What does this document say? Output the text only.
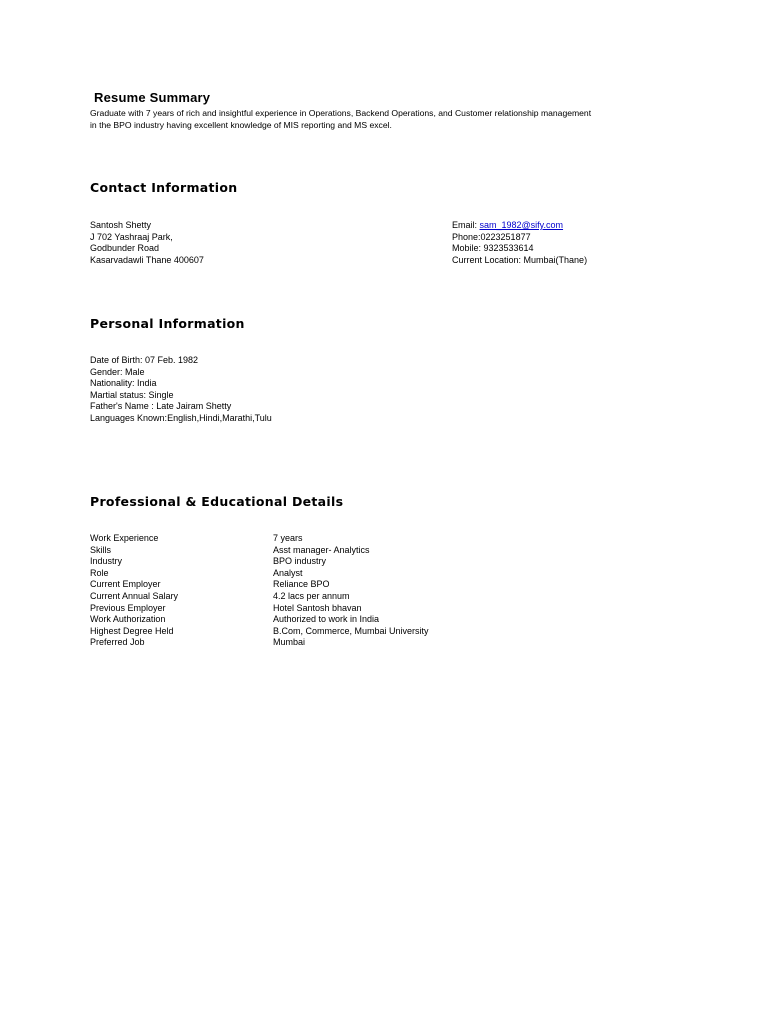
Resume Summary
Graduate with 7 years of rich and insightful experience in Operations, Backend Operations, and Customer relationship management
in the BPO industry having excellent knowledge of MIS reporting and MS excel.
Contact Information
Santosh Shetty
J 702 Yashraaj Park,
Godbunder Road
Kasarvadawli Thane 400607
Email: sam_1982@sify.com
Phone:0223251877
Mobile: 9323533614
Current Location: Mumbai(Thane)
Personal Information
Date of Birth: 07 Feb. 1982
Gender: Male
Nationality: India
Martial status: Single
Father's Name : Late Jairam Shetty
Languages Known:English,Hindi,Marathi,Tulu
Professional & Educational Details
Work Experience
Skills
Industry
Role
Current Employer
Current Annual Salary
Previous Employer
Work Authorization
Highest Degree Held
Preferred Job
7 years
Asst manager- Analytics
BPO industry
Analyst
Reliance BPO
4.2 lacs per annum
Hotel Santosh bhavan
Authorized to work in India
B.Com, Commerce, Mumbai University
Mumbai
